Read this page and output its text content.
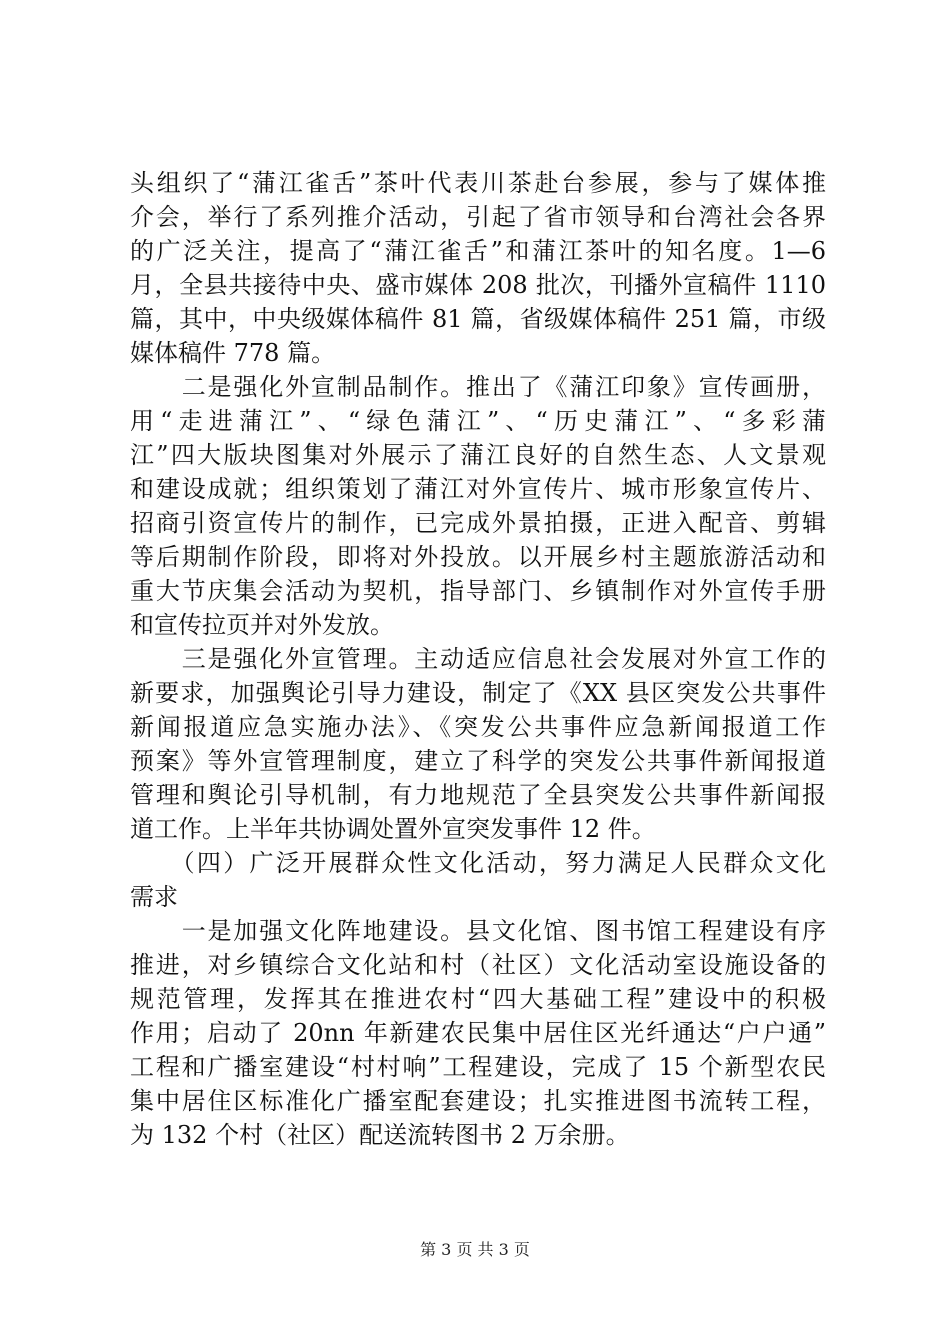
头组织了“蒲江雀舌”茶叶代表川茶赴台参展，参与了媒体推
介会，举行了系列推介活动，引起了省市领导和台湾社会各界
的广泛关注，提高了“蒲江雀舌”和蒲江茶叶的知名度。1—6
月，全县共接待中央、盛市媒体 208 批次，刊播外宣稿件 1110
篇，其中，中央级媒体稿件 81 篇，省级媒体稿件 251 篇，市级
媒体稿件 778 篇。
　　二是强化外宣制品制作。推出了《蒲江印象》宣传画册，
用“走进蒲江”、“绿色蒲江”、“历史蒲江”、“多彩蒲
江”四大版块图集对外展示了蒲江良好的自然生态、人文景观
和建设成就；组织策划了蒲江对外宣传片、城市形象宣传片、
招商引资宣传片的制作，已完成外景拍摄，正进入配音、剪辑
等后期制作阶段，即将对外投放。以开展乡村主题旅游活动和
重大节庆集会活动为契机，指导部门、乡镇制作对外宣传手册
和宣传拉页并对外发放。
　　三是强化外宣管理。主动适应信息社会发展对外宣工作的
新要求，加强舆论引导力建设，制定了《XX 县区突发公共事件
新闻报道应急实施办法》、《突发公共事件应急新闻报道工作
预案》等外宣管理制度，建立了科学的突发公共事件新闻报道
管理和舆论引导机制，有力地规范了全县突发公共事件新闻报
道工作。上半年共协调处置外宣突发事件 12 件。
　　（四）广泛开展群众性文化活动，努力满足人民群众文化
需求
　　一是加强文化阵地建设。县文化馆、图书馆工程建设有序
推进，对乡镇综合文化站和村（社区）文化活动室设施设备的
规范管理，发挥其在推进农村“四大基础工程”建设中的积极
作用；启动了 20nn 年新建农民集中居住区光纤通达“户户通”
工程和广播室建设“村村响”工程建设，完成了 15 个新型农民
集中居住区标准化广播室配套建设；扎实推进图书流转工程，
为 132 个村（社区）配送流转图书 2 万余册。
第 3 页 共 3 页
